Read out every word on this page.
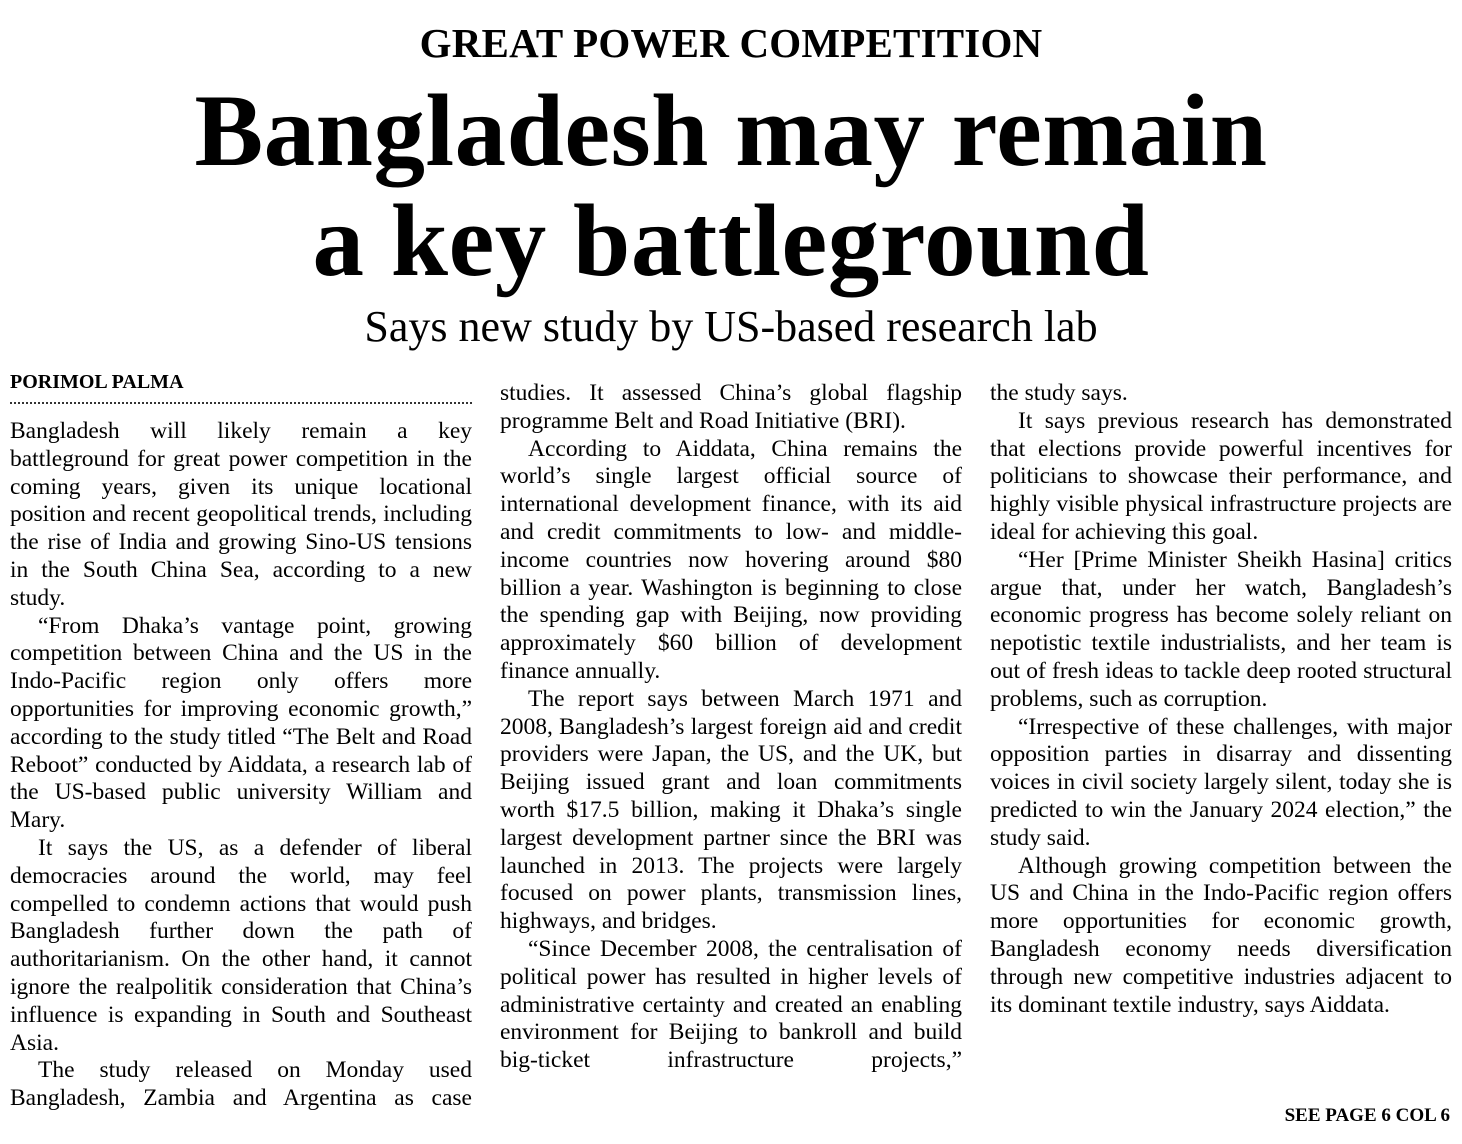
GREAT POWER COMPETITION
Bangladesh may remain
a key battleground
Says new study by US-based research lab
PORIMOL PALMA

Bangladesh will likely remain a key battleground for great power competition in the coming years, given its unique locational position and recent geopolitical trends, including the rise of India and growing Sino-US tensions in the South China Sea, according to a new study.

“From Dhaka’s vantage point, growing competition between China and the US in the Indo-Pacific region only offers more opportunities for improving economic growth,” according to the study titled “The Belt and Road Reboot” conducted by Aiddata, a research lab of the US-based public university William and Mary.

It says the US, as a defender of liberal democracies around the world, may feel compelled to condemn actions that would push Bangladesh further down the path of authoritarianism. On the other hand, it cannot ignore the realpolitik consideration that China’s influence is expanding in South and Southeast Asia.

The study released on Monday used Bangladesh, Zambia and Argentina as case

studies. It assessed China’s global flagship programme Belt and Road Initiative (BRI).

According to Aiddata, China remains the world’s single largest official source of international development finance, with its aid and credit commitments to low- and middle-income countries now hovering around $80 billion a year. Washington is beginning to close the spending gap with Beijing, now providing approximately $60 billion of development finance annually.

The report says between March 1971 and 2008, Bangladesh’s largest foreign aid and credit providers were Japan, the US, and the UK, but Beijing issued grant and loan commitments worth $17.5 billion, making it Dhaka’s single largest development partner since the BRI was launched in 2013. The projects were largely focused on power plants, transmission lines, highways, and bridges.

“Since December 2008, the centralisation of political power has resulted in higher levels of administrative certainty and created an enabling environment for Beijing to bankroll and build big-ticket infrastructure projects,”

the study says.

It says previous research has demonstrated that elections provide powerful incentives for politicians to showcase their performance, and highly visible physical infrastructure projects are ideal for achieving this goal.

“Her [Prime Minister Sheikh Hasina] critics argue that, under her watch, Bangladesh’s economic progress has become solely reliant on nepotistic textile industrialists, and her team is out of fresh ideas to tackle deep rooted structural problems, such as corruption.

“Irrespective of these challenges, with major opposition parties in disarray and dissenting voices in civil society largely silent, today she is predicted to win the January 2024 election,” the study said.

Although growing competition between the US and China in the Indo-Pacific region offers more opportunities for economic growth, Bangladesh economy needs diversification through new competitive industries adjacent to its dominant textile industry, says Aiddata.

SEE PAGE 6 COL 6
